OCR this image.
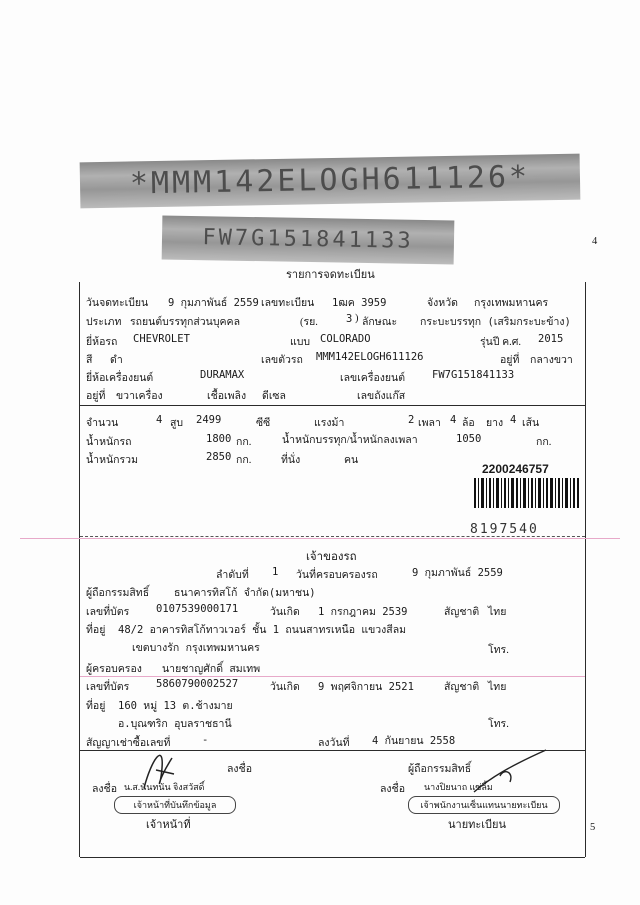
*MMM142ELOGH611126*
FW7G151841133	4
รายการจดทะเบียน
วันจดทะเบียน 9 กุมภาพันธ์ 2559 เลขทะเบียน 1ฒค 3959	จังหวัด กรุงเทพมหานคร
ประเภท รถยนต์บรรทุกส่วนบุคคล	(รย.	3 ) ลักษณะ กระบะบรรทุก (เสริมกระบะข้าง)
ยี่ห้อรถ CHEVROLET	แบบ COLORADO	รุ่นปี ค.ศ. 2015
สี ดำ	เลขตัวรถ MMM142ELOGH611126	อยู่ที่ กลางขวา
ยี่ห้อเครื่องยนต์	DURAMAX	เลขเครื่องยนต์	FW7G151841133
อยู่ที่ ขวาเครื่อง	เชื้อเพลิง ดีเซล	เลขถังแก๊ส
จำนวน	4 สูบ 2499	ซีซี	แรงม้า	2 เพลา 4 ล้อ ยาง 4 เส้น
น้ำหนักรถ	1800 กก.	น้ำหนักบรรทุก/น้ำหนักลงเพลา	1050	กก.
น้ำหนักรวม	2850 กก.	ที่นั่ง	คน
2200246757
8197540
เจ้าของรถ
ลำดับที่ 1 วันที่ครอบครองรถ	9 กุมภาพันธ์ 2559
ผู้ถือกรรมสิทธิ์ ธนาคารทิสโก้ จำกัด(มหาชน)
เลขที่บัตร	0107539000171	วันเกิด 1 กรกฎาคม 2539	สัญชาติ ไทย
ที่อยู่ 48/2 อาคารทิสโก้ทาวเวอร์ ชั้น 1 ถนนสาทรเหนือ แขวงสีลม
เขตบางรัก กรุงเทพมหานคร	โทร.
ผู้ครอบครอง นายชาญศักดิ์ สมเทพ
เลขที่บัตร	5860790002527	วันเกิด 9 พฤศจิกายน 2521	สัญชาติ ไทย
ที่อยู่ 160 หมู่ 13 ต.ช้างมาย
อ.บุณฑริก อุบลราชธานี	โทร.
สัญญาเช่าซื้อเลขที่	-	ลงวันที่ 4 กันยายน 2558
ลงชื่อ	ผู้ถือกรรมสิทธิ์
ลงชื่อ น.ส.นันทนัน จิงสวัสดิ์	ลงชื่อ นางปิยนาถ แซ่ลิ้ม
เจ้าหน้าที่บันทึกข้อมูล	เจ้าพนักงานเซ็นแทนนายทะเบียน
เจ้าหน้าที่	นายทะเบียน	5
